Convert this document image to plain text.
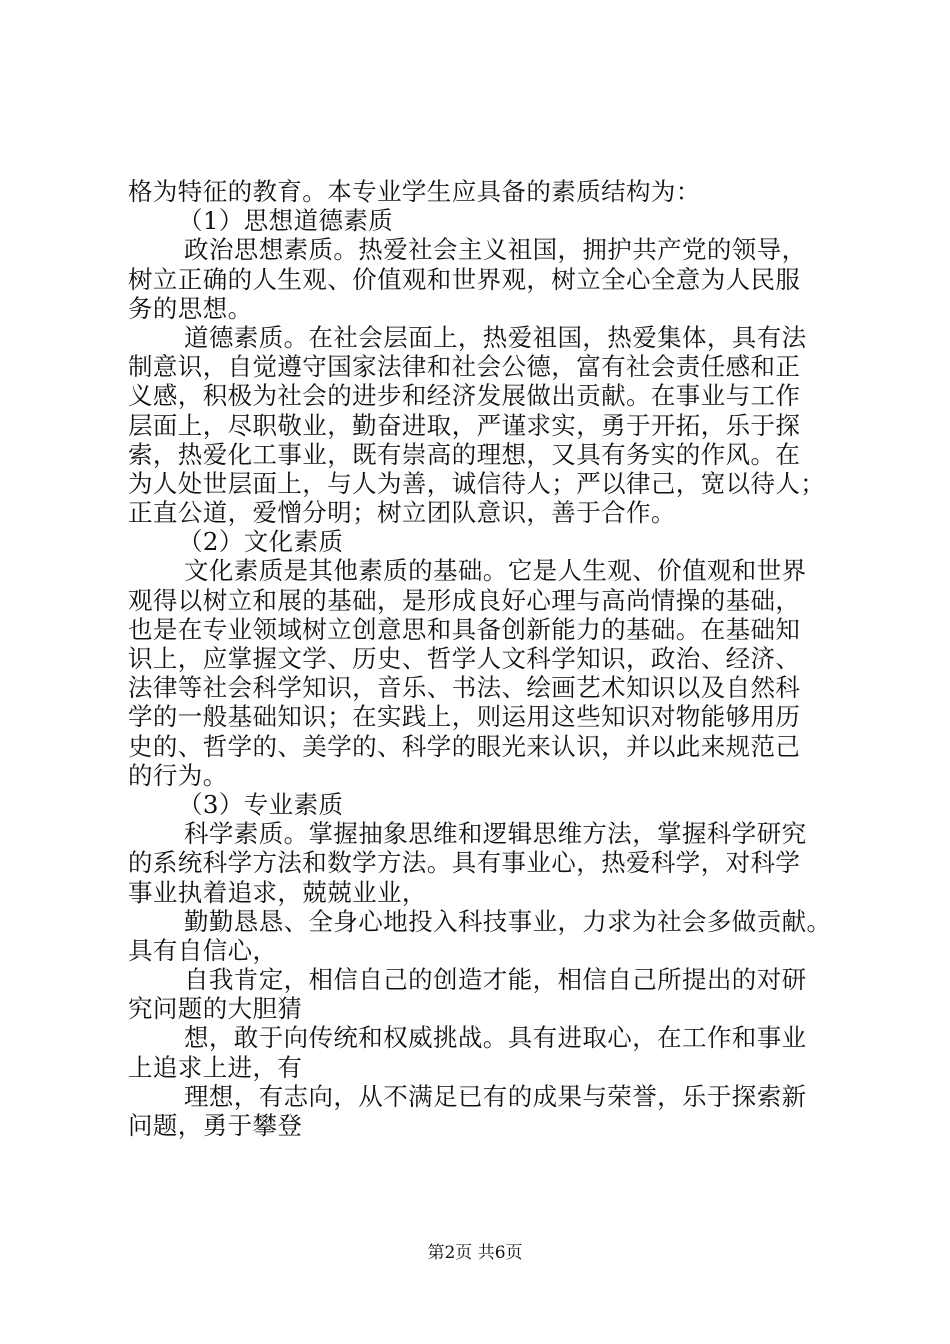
格为特征的教育。本专业学生应具备的素质结构为：
（1）思想道德素质
政治思想素质。热爱社会主义祖国，拥护共产党的领导，
树立正确的人生观、价值观和世界观，树立全心全意为人民服
务的思想。
道德素质。在社会层面上，热爱祖国，热爱集体，具有法
制意识，自觉遵守国家法律和社会公德，富有社会责任感和正
义感，积极为社会的进步和经济发展做出贡献。在事业与工作
层面上，尽职敬业，勤奋进取，严谨求实，勇于开拓，乐于探
索，热爱化工事业，既有崇高的理想，又具有务实的作风。在
为人处世层面上，与人为善，诚信待人；严以律己，宽以待人；
正直公道，爱憎分明；树立团队意识，善于合作。
（2）文化素质
文化素质是其他素质的基础。它是人生观、价值观和世界
观得以树立和展的基础，是形成良好心理与高尚情操的基础，
也是在专业领域树立创意思和具备创新能力的基础。在基础知
识上，应掌握文学、历史、哲学人文科学知识，政治、经济、
法律等社会科学知识，音乐、书法、绘画艺术知识以及自然科
学的一般基础知识；在实践上，则运用这些知识对物能够用历
史的、哲学的、美学的、科学的眼光来认识，并以此来规范己
的行为。
（3）专业素质
科学素质。掌握抽象思维和逻辑思维方法，掌握科学研究
的系统科学方法和数学方法。具有事业心，热爱科学，对科学
事业执着追求，兢兢业业，
勤勤恳恳、全身心地投入科技事业，力求为社会多做贡献。
具有自信心，
自我肯定，相信自己的创造才能，相信自己所提出的对研
究问题的大胆猜
想，敢于向传统和权威挑战。具有进取心，在工作和事业
上追求上进，有
理想，有志向，从不满足已有的成果与荣誉，乐于探索新
问题，勇于攀登
第2页 共6页
